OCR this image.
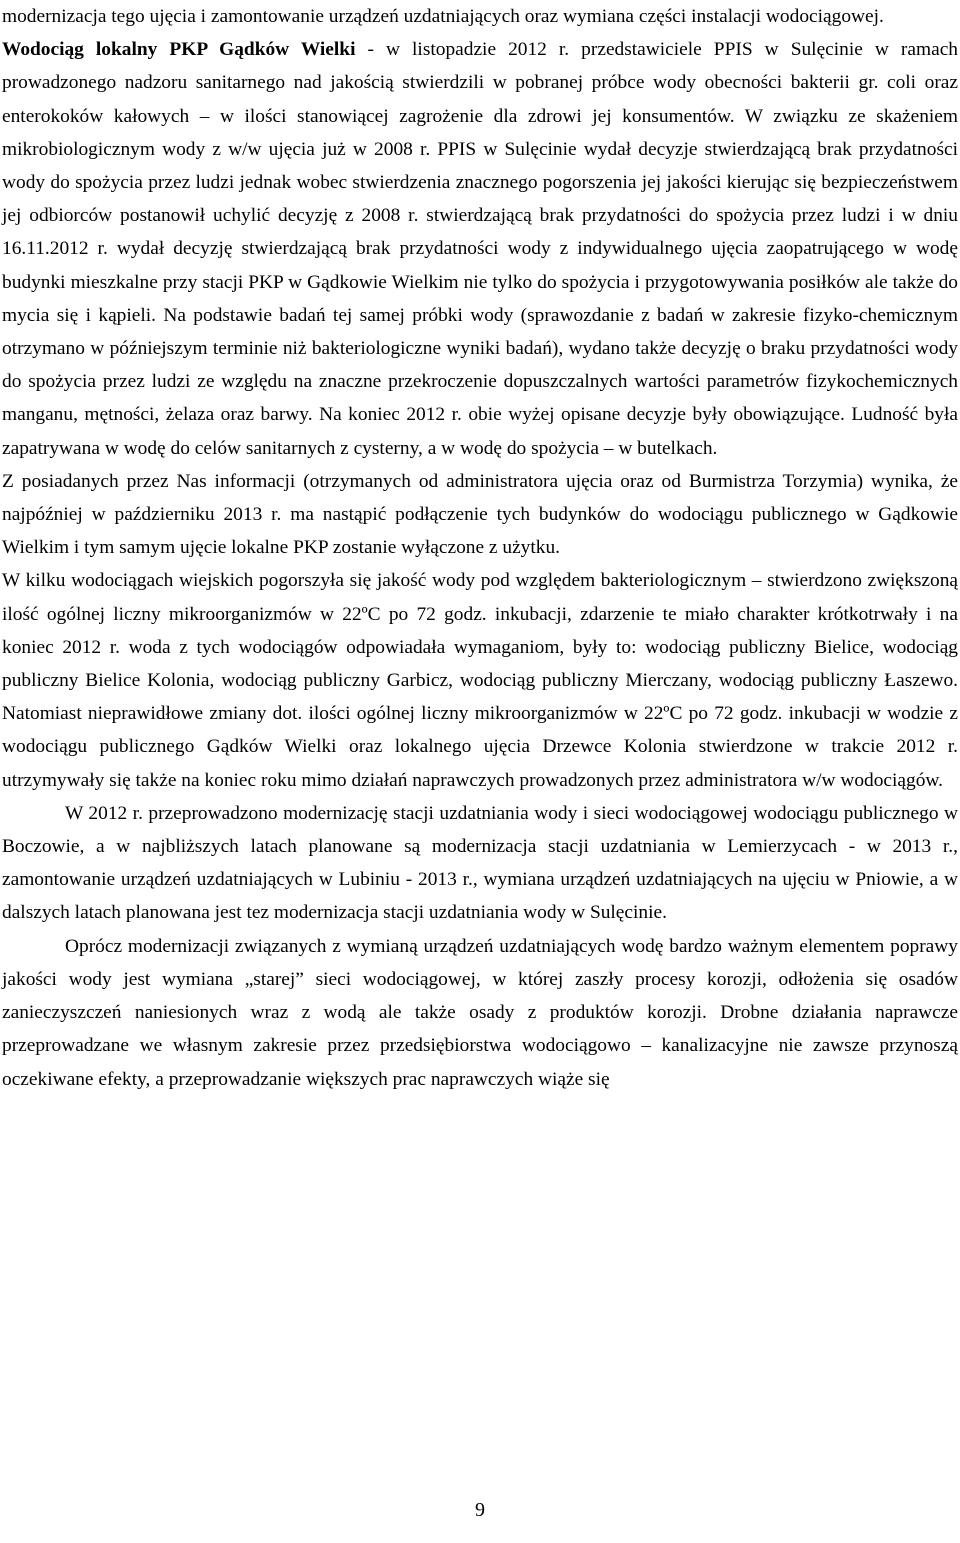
modernizacja tego ujęcia i zamontowanie urządzeń uzdatniających oraz wymiana części instalacji wodociągowej.

Wodociąg lokalny PKP Gądków Wielki - w listopadzie 2012 r. przedstawiciele PPIS w Sulęcinie w ramach prowadzonego nadzoru sanitarnego nad jakością stwierdzili w pobranej próbce wody obecności bakterii gr. coli oraz enterokoków kałowych – w ilości stanowiącej zagrożenie dla zdrowi jej konsumentów. W związku ze skażeniem mikrobiologicznym wody z w/w ujęcia już w 2008 r. PPIS w Sulęcinie wydał decyzje stwierdzającą brak przydatności wody do spożycia przez ludzi jednak wobec stwierdzenia znacznego pogorszenia jej jakości kierując się bezpieczeństwem jej odbiorców postanowił uchylić decyzję z 2008 r. stwierdzającą brak przydatności do spożycia przez ludzi i w dniu 16.11.2012 r. wydał decyzję stwierdzającą brak przydatności wody z indywidualnego ujęcia zaopatrującego w wodę budynki mieszkalne przy stacji PKP w Gądkowie Wielkim nie tylko do spożycia i przygotowywania posiłków ale także do mycia się i kąpieli. Na podstawie badań tej samej próbki wody (sprawozdanie z badań w zakresie fizyko-chemicznym otrzymano w późniejszym terminie niż bakteriologiczne wyniki badań), wydano także decyzję o braku przydatności wody do spożycia przez ludzi ze względu na znaczne przekroczenie dopuszczalnych wartości parametrów fizykochemicznych manganu, mętności, żelaza oraz barwy. Na koniec 2012 r. obie wyżej opisane decyzje były obowiązujące. Ludność była zapatrywana w wodę do celów sanitarnych z cysterny, a w wodę do spożycia – w butelkach.

Z posiadanych przez Nas informacji (otrzymanych od administratora ujęcia oraz od Burmistrza Torzymia) wynika, że najpóźniej w październiku 2013 r. ma nastąpić podłączenie tych budynków do wodociągu publicznego w Gądkowie Wielkim i tym samym ujęcie lokalne PKP zostanie wyłączone z użytku.

W kilku wodociągach wiejskich pogorszyła się jakość wody pod względem bakteriologicznym – stwierdzono zwiększoną ilość ogólnej liczny mikroorganizmów w 22ºC po 72 godz. inkubacji, zdarzenie te miało charakter krótkotrwały i na koniec 2012 r. woda z tych wodociągów odpowiadała wymaganiom, były to: wodociąg publiczny Bielice, wodociąg publiczny Bielice Kolonia, wodociąg publiczny Garbicz, wodociąg publiczny Mierczany, wodociąg publiczny Łaszewo. Natomiast nieprawidłowe zmiany dot. ilości ogólnej liczny mikroorganizmów w 22ºC po 72 godz. inkubacji w wodzie z wodociągu publicznego Gądków Wielki oraz lokalnego ujęcia Drzewce Kolonia stwierdzone w trakcie 2012 r. utrzymywały się także na koniec roku mimo działań naprawczych prowadzonych przez administratora w/w wodociągów.

W 2012 r. przeprowadzono modernizację stacji uzdatniania wody i sieci wodociągowej wodociągu publicznego w Boczowie, a w najbliższych latach planowane są modernizacja stacji uzdatniania w Lemierzycach - w 2013 r., zamontowanie urządzeń uzdatniających w Lubiniu - 2013 r., wymiana urządzeń uzdatniających na ujęciu w Pniowie, a w dalszych latach planowana jest tez modernizacja stacji uzdatniania wody w Sulęcinie.

Oprócz modernizacji związanych z wymianą urządzeń uzdatniających wodę bardzo ważnym elementem poprawy jakości wody jest wymiana „starej” sieci wodociągowej, w której zaszły procesy korozji, odłożenia się osadów zanieczyszczeń naniesionych wraz z wodą ale także osady z produktów korozji. Drobne działania naprawcze przeprowadzane we własnym zakresie przez przedsiębiorstwa wodociągowo – kanalizacyjne nie zawsze przynoszą oczekiwane efekty, a przeprowadzanie większych prac naprawczych wiąże się

9
